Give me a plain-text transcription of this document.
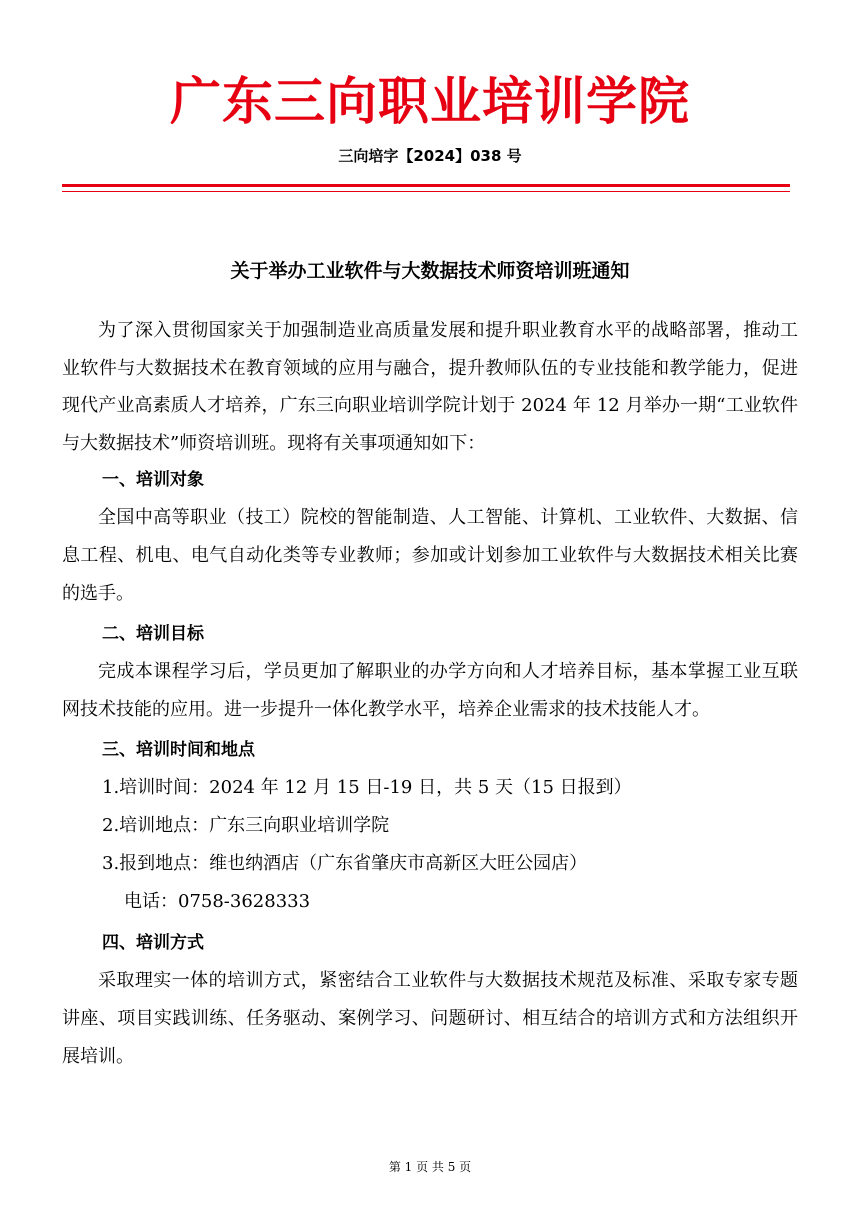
广东三向职业培训学院
三向培字【2024】038 号
关于举办工业软件与大数据技术师资培训班通知

为了深入贯彻国家关于加强制造业高质量发展和提升职业教育水平的战略部署，推动工业软件与大数据技术在教育领域的应用与融合，提升教师队伍的专业技能和教学能力，促进现代产业高素质人才培养，广东三向职业培训学院计划于 2024 年 12 月举办一期“工业软件与大数据技术”师资培训班。现将有关事项通知如下：

一、培训对象

全国中高等职业（技工）院校的智能制造、人工智能、计算机、工业软件、大数据、信息工程、机电、电气自动化类等专业教师；参加或计划参加工业软件与大数据技术相关比赛的选手。

二、培训目标

完成本课程学习后，学员更加了解职业的办学方向和人才培养目标，基本掌握工业互联网技术技能的应用。进一步提升一体化教学水平，培养企业需求的技术技能人才。

三、培训时间和地点

1.培训时间：2024 年 12 月 15 日-19 日，共 5 天（15 日报到）

2.培训地点：广东三向职业培训学院

3.报到地点：维也纳酒店（广东省肇庆市高新区大旺公园店）

电话：0758-3628333

四、培训方式

采取理实一体的培训方式，紧密结合工业软件与大数据技术规范及标准、采取专家专题讲座、项目实践训练、任务驱动、案例学习、问题研讨、相互结合的培训方式和方法组织开展培训。

第 1 页 共 5 页
